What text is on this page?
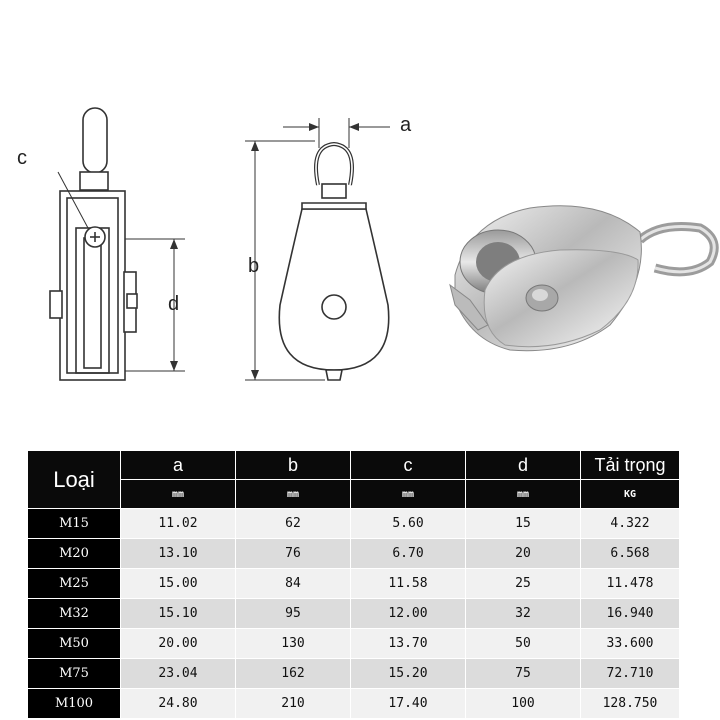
c
d
a
b
Loại	a	b	c	d	Tải trọng
	mm	mm	mm	mm	KG
M15	11.02	62	5.60	15	4.322
M20	13.10	76	6.70	20	6.568
M25	15.00	84	11.58	25	11.478
M32	15.10	95	12.00	32	16.940
M50	20.00	130	13.70	50	33.600
M75	23.04	162	15.20	75	72.710
M100	24.80	210	17.40	100	128.750
